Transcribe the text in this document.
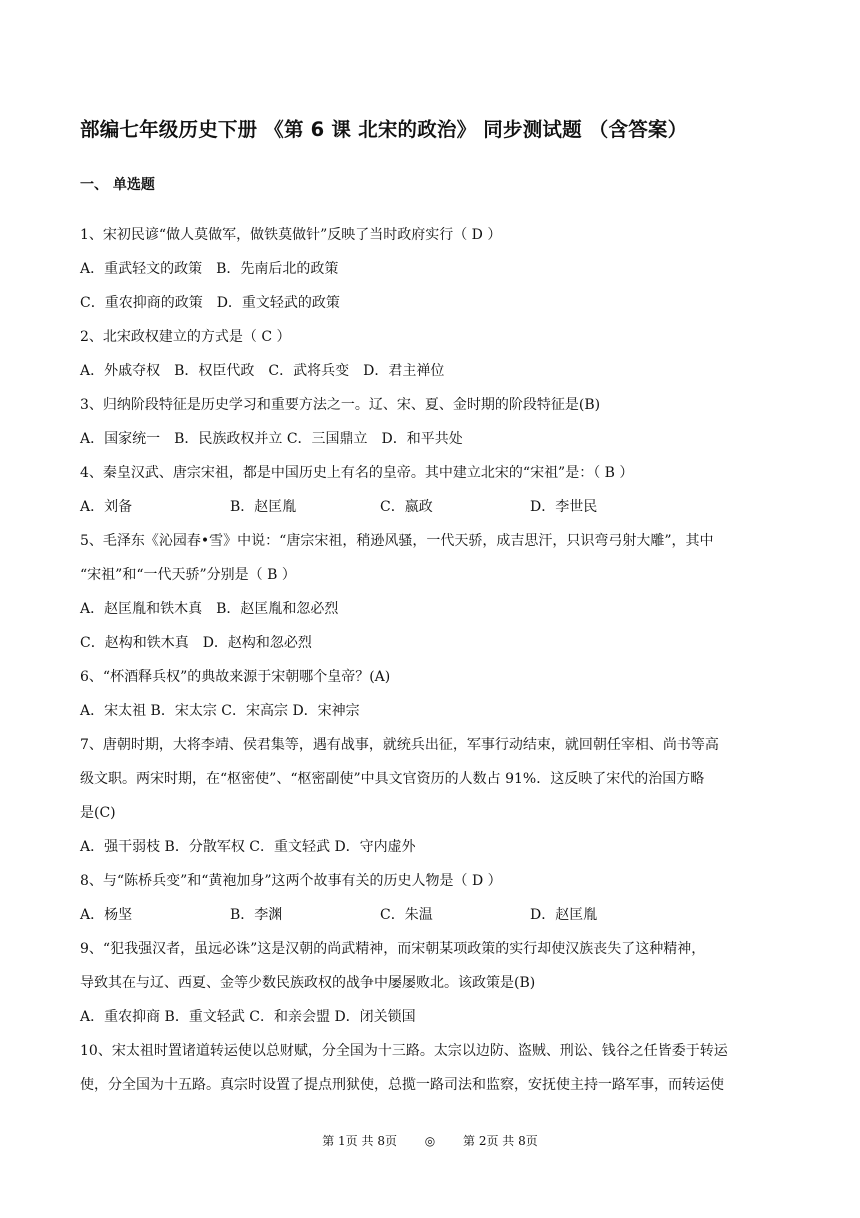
部编七年级历史下册 《第 6 课 北宋的政治》 同步测试题 （含答案）
一、 单选题
1、宋初民谚“做人莫做军，做铁莫做针”反映了当时政府实行（ D ）
A．重武轻文的政策　B．先南后北的政策
C．重农抑商的政策　D．重文轻武的政策
2、北宋政权建立的方式是（ C ）
A．外戚夺权　B．权臣代政　C．武将兵变　D．君主禅位
3、归纳阶段特征是历史学习和重要方法之一。辽、宋、夏、金时期的阶段特征是(B)
A．国家统一　B．民族政权并立 C．三国鼎立　D．和平共处
4、秦皇汉武、唐宗宋祖，都是中国历史上有名的皇帝。其中建立北宋的“宋祖”是：（ B ）
A．刘备	B．赵匡胤	C．嬴政	D．李世民
5、毛泽东《沁园春•雪》中说：“唐宗宋祖，稍逊风骚，一代天骄，成吉思汗，只识弯弓射大雕”，其中
“宋祖”和“一代天骄”分别是（ B ）
A．赵匡胤和铁木真　B．赵匡胤和忽必烈
C．赵构和铁木真　D．赵构和忽必烈
6、“杯酒释兵权”的典故来源于宋朝哪个皇帝？(A)
A．宋太祖 B．宋太宗 C．宋高宗 D．宋神宗
7、唐朝时期，大将李靖、侯君集等，遇有战事，就统兵出征，军事行动结束，就回朝任宰相、尚书等高
级文职。两宋时期，在“枢密使”、“枢密副使”中具文官资历的人数占 91%．这反映了宋代的治国方略
是(C)
A．强干弱枝 B．分散军权 C．重文轻武 D．守内虚外
8、与“陈桥兵变”和“黄袍加身”这两个故事有关的历史人物是（ D ）
A．杨坚	B．李渊	C．朱温	D．赵匡胤
9、“犯我强汉者，虽远必诛”这是汉朝的尚武精神，而宋朝某项政策的实行却使汉族丧失了这种精神，
导致其在与辽、西夏、金等少数民族政权的战争中屡屡败北。该政策是(B)
A．重农抑商 B．重文轻武 C．和亲会盟 D．闭关锁国
10、宋太祖时置诸道转运使以总财赋，分全国为十三路。太宗以边防、盗贼、刑讼、钱谷之任皆委于转运
使，分全国为十五路。真宗时设置了提点刑狱使，总揽一路司法和监察，安抚使主持一路军事，而转运使
第 1页 共 8页　　 ◎　　 第 2页 共 8页
